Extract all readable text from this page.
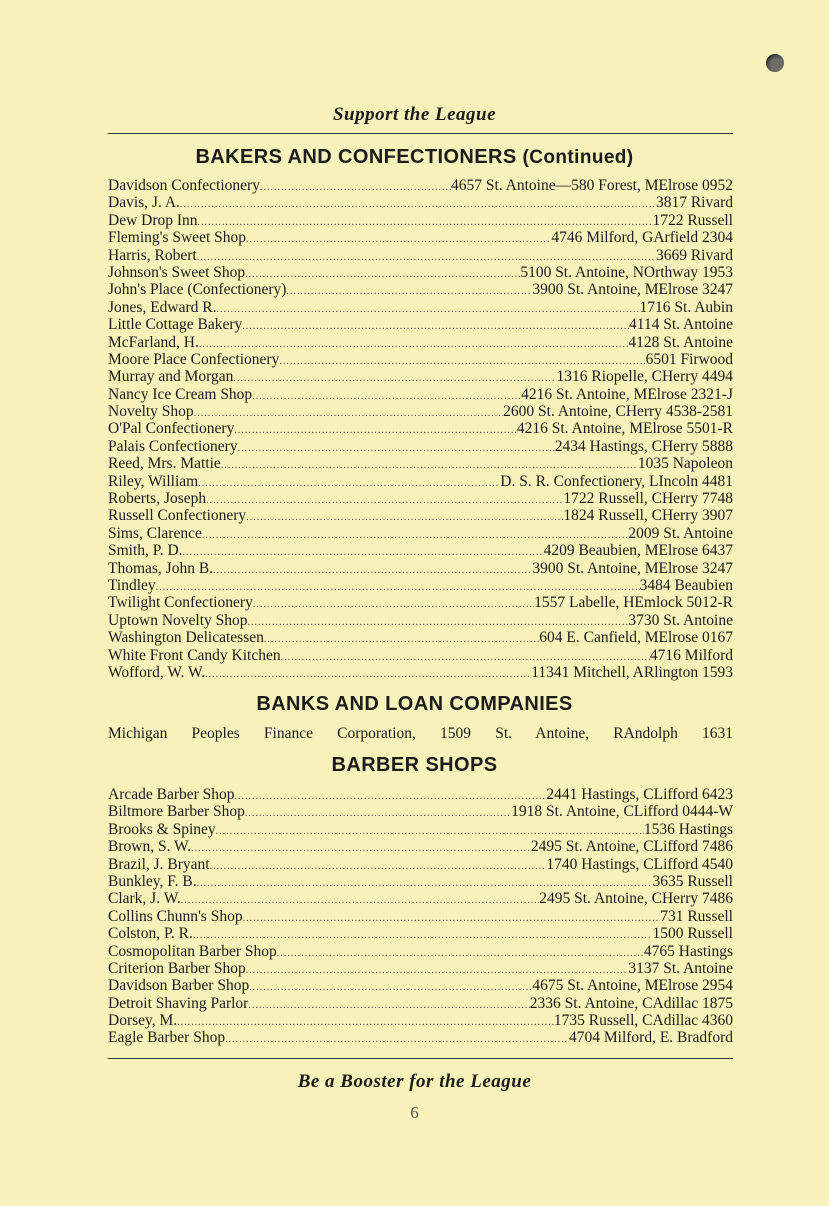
Support the League
BAKERS AND CONFECTIONERS (Continued)
Davidson Confectionery .....	4657 St. Antoine—580 Forest, MElrose 0952
Davis, J. A. .....	3817 Rivard
Dew Drop Inn .....	1722 Russell
Fleming's Sweet Shop .....	4746 Milford, GArfield 2304
Harris, Robert .....	3669 Rivard
Johnson's Sweet Shop .....	5100 St. Antoine, NOrthway 1953
John's Place (Confectionery) .....	3900 St. Antoine, MElrose 3247
Jones, Edward R. .....	1716 St. Aubin
Little Cottage Bakery .....	4114 St. Antoine
McFarland, H. .....	4128 St. Antoine
Moore Place Confectionery .....	6501 Firwood
Murray and Morgan .....	1316 Riopelle, CHerry 4494
Nancy Ice Cream Shop .....	4216 St. Antoine, MElrose 2321-J
Novelty Shop .....	2600 St. Antoine, CHerry 4538-2581
O'Pal Confectionery .....	4216 St. Antoine, MElrose 5501-R
Palais Confectionery .....	2434 Hastings, CHerry 5888
Reed, Mrs. Mattie .....	1035 Napoleon
Riley, William .....	D. S. R. Confectionery, LIncoln 4481
Roberts, Joseph .....	1722 Russell, CHerry 7748
Russell Confectionery .....	1824 Russell, CHerry 3907
Sims, Clarence .....	2009 St. Antoine
Smith, P. D. .....	4209 Beaubien, MElrose 6437
Thomas, John B. .....	3900 St. Antoine, MElrose 3247
Tindley .....	3484 Beaubien
Twilight Confectionery .....	1557 Labelle, HEmlock 5012-R
Uptown Novelty Shop .....	3730 St. Antoine
Washington Delicatessen .....	604 E. Canfield, MElrose 0167
White Front Candy Kitchen .....	4716 Milford
Wofford, W. W. .....	11341 Mitchell, ARlington 1593
BANKS AND LOAN COMPANIES
Michigan Peoples Finance Corporation, 1509 St. Antoine, RAndolph 1631
BARBER SHOPS
Arcade Barber Shop .....	2441 Hastings, CLifford 6423
Biltmore Barber Shop .....	1918 St. Antoine, CLifford 0444-W
Brooks & Spiney .....	1536 Hastings
Brown, S. W. .....	2495 St. Antoine, CLifford 7486
Brazil, J. Bryant .....	1740 Hastings, CLifford 4540
Bunkley, F. B. .....	3635 Russell
Clark, J. W. .....	2495 St. Antoine, CHerry 7486
Collins Chunn's Shop .....	731 Russell
Colston, P. R. .....	1500 Russell
Cosmopolitan Barber Shop .....	4765 Hastings
Criterion Barber Shop .....	3137 St. Antoine
Davidson Barber Shop .....	4675 St. Antoine, MElrose 2954
Detroit Shaving Parlor .....	2336 St. Antoine, CAdillac 1875
Dorsey, M. .....	1735 Russell, CAdillac 4360
Eagle Barber Shop .....	4704 Milford, E. Bradford
Be a Booster for the League
6
